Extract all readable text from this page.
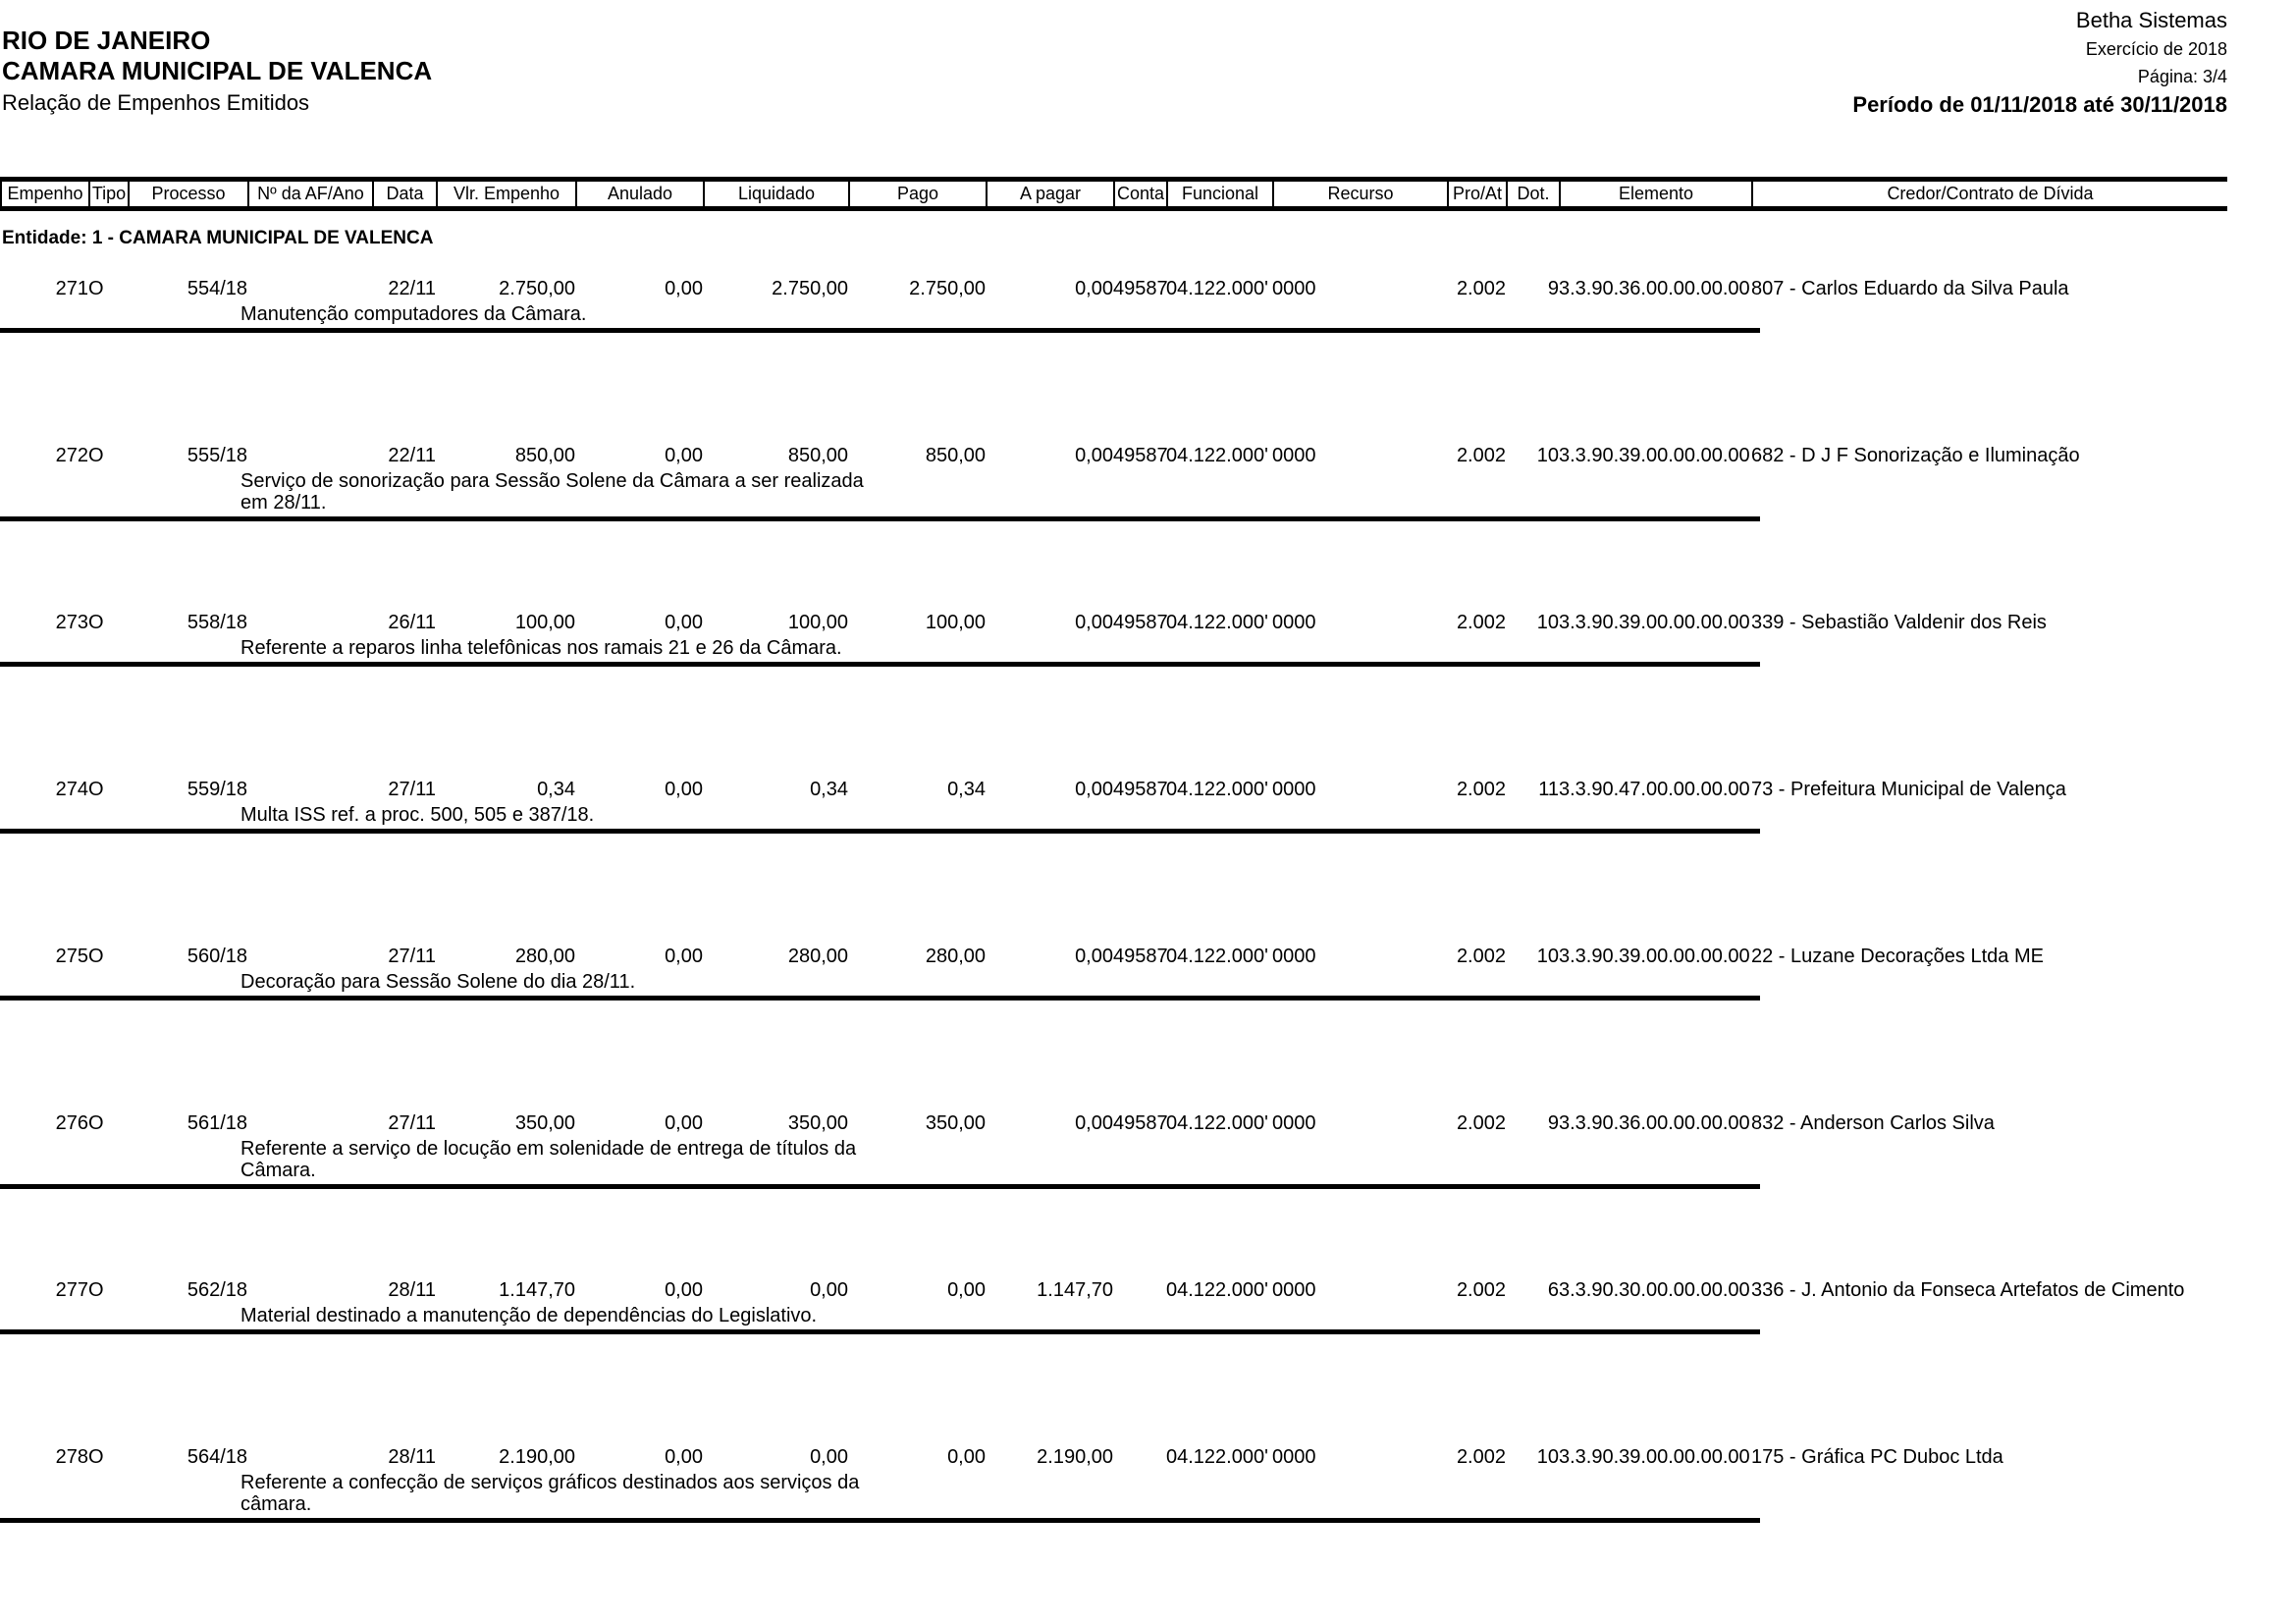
RIO DE JANEIRO
CAMARA MUNICIPAL DE VALENCA
Relação de Empenhos Emitidos
Betha Sistemas
Exercício de 2018
Página: 3/4
Período de 01/11/2018 até 30/11/2018
Empenho	Tipo	Processo	Nº da AF/Ano	Data	Vlr. Empenho	Anulado	Liquidado	Pago	A pagar	Conta	Funcional	Recurso	Pro/At	Dot.	Elemento	Credor/Contrato de Dívida
Entidade: 1 - CAMARA MUNICIPAL DE VALENCA
271	O	554/18		22/11	2.750,00	0,00	2.750,00	2.750,00	0,00	49587	04.122.000'	0000	2.002	9	3.3.90.36.00.00.00.00	807 - Carlos Eduardo da Silva Paula
Manutenção computadores da Câmara.
272	O	555/18		22/11	850,00	0,00	850,00	850,00	0,00	49587	04.122.000'	0000	2.002	10	3.3.90.39.00.00.00.00	682 - D J F Sonorização e Iluminação
Serviço de sonorização para Sessão Solene da Câmara a ser realizada em 28/11.
273	O	558/18		26/11	100,00	0,00	100,00	100,00	0,00	49587	04.122.000'	0000	2.002	10	3.3.90.39.00.00.00.00	339 - Sebastião Valdenir dos Reis
Referente a reparos linha telefônicas nos ramais 21 e 26 da Câmara.
274	O	559/18		27/11	0,34	0,00	0,34	0,34	0,00	49587	04.122.000'	0000	2.002	11	3.3.90.47.00.00.00.00	73 - Prefeitura Municipal de Valença
Multa ISS ref. a proc. 500, 505 e 387/18.
275	O	560/18		27/11	280,00	0,00	280,00	280,00	0,00	49587	04.122.000'	0000	2.002	10	3.3.90.39.00.00.00.00	22 - Luzane Decorações Ltda ME
Decoração para Sessão Solene do dia 28/11.
276	O	561/18		27/11	350,00	0,00	350,00	350,00	0,00	49587	04.122.000'	0000	2.002	9	3.3.90.36.00.00.00.00	832 - Anderson Carlos Silva
Referente a serviço de locução em solenidade de entrega de títulos da Câmara.
277	O	562/18		28/11	1.147,70	0,00	0,00	0,00	1.147,70		04.122.000'	0000	2.002	6	3.3.90.30.00.00.00.00	336 - J. Antonio da Fonseca Artefatos de Cimento
Material destinado a manutenção de dependências do Legislativo.
278	O	564/18		28/11	2.190,00	0,00	0,00	0,00	2.190,00		04.122.000'	0000	2.002	10	3.3.90.39.00.00.00.00	175 - Gráfica PC Duboc Ltda
Referente a confecção de serviços gráficos destinados aos serviços da câmara.
